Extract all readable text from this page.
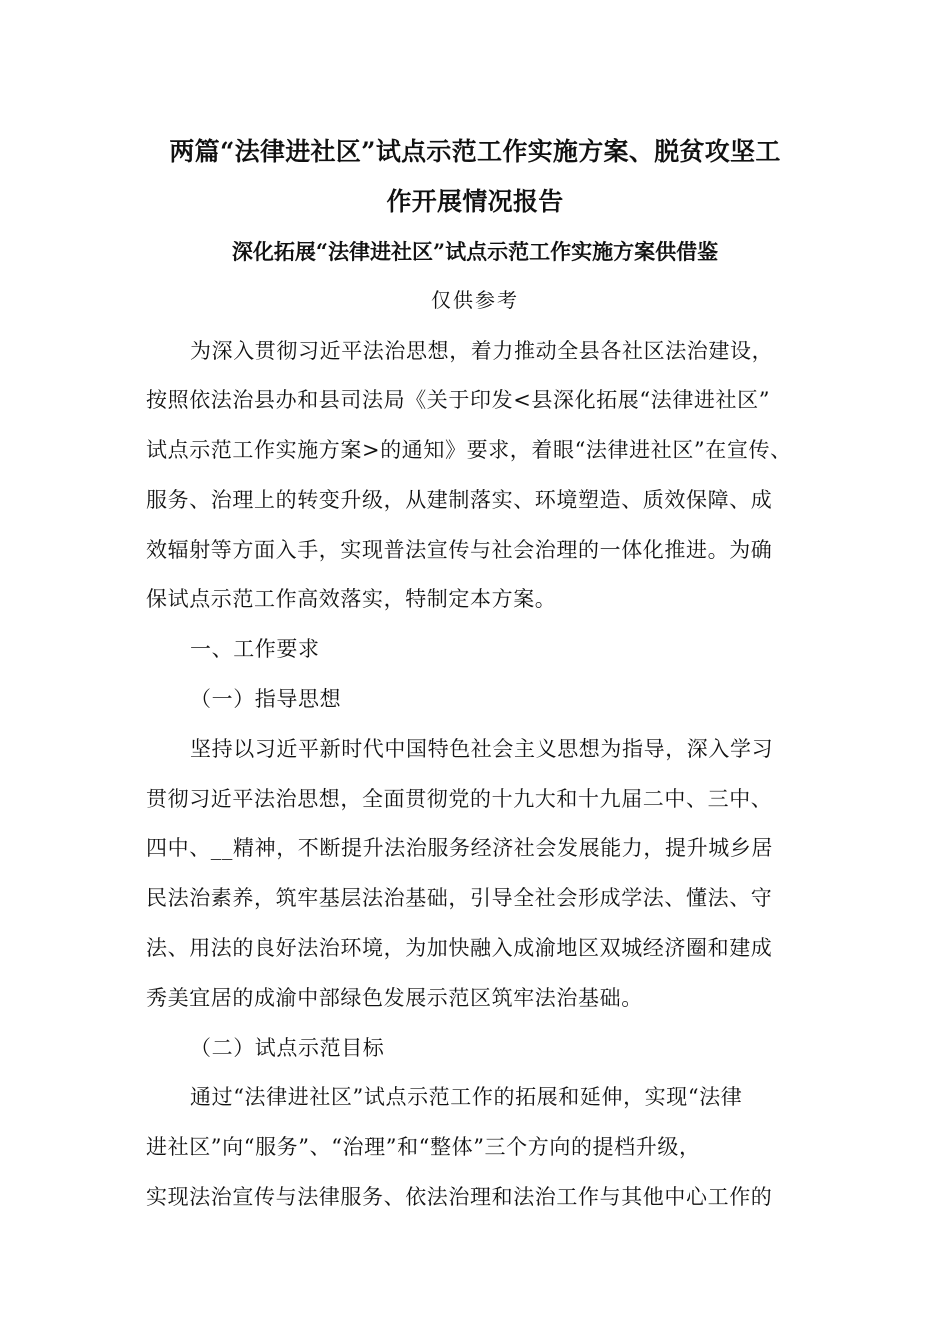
两篇“法律进社区”试点示范工作实施方案、脱贫攻坚工
作开展情况报告
深化拓展“法律进社区”试点示范工作实施方案供借鉴
仅供参考
为深入贯彻习近平法治思想，着力推动全县各社区法治建设，
按照依法治县办和县司法局《关于印发<县深化拓展“法律进社区”
试点示范工作实施方案>的通知》要求，着眼“法律进社区”在宣传、
服务、治理上的转变升级，从建制落实、环境塑造、质效保障、成
效辐射等方面入手，实现普法宣传与社会治理的一体化推进。为确
保试点示范工作高效落实，特制定本方案。
一、工作要求
（一）指导思想
坚持以习近平新时代中国特色社会主义思想为指导，深入学习
贯彻习近平法治思想，全面贯彻党的十九大和十九届二中、三中、
四中、__精神，不断提升法治服务经济社会发展能力，提升城乡居
民法治素养，筑牢基层法治基础，引导全社会形成学法、懂法、守
法、用法的良好法治环境，为加快融入成渝地区双城经济圈和建成
秀美宜居的成渝中部绿色发展示范区筑牢法治基础。
（二）试点示范目标
通过“法律进社区”试点示范工作的拓展和延伸，实现“法律
进社区”向“服务”、“治理”和“整体”三个方向的提档升级，
实现法治宣传与法律服务、依法治理和法治工作与其他中心工作的
